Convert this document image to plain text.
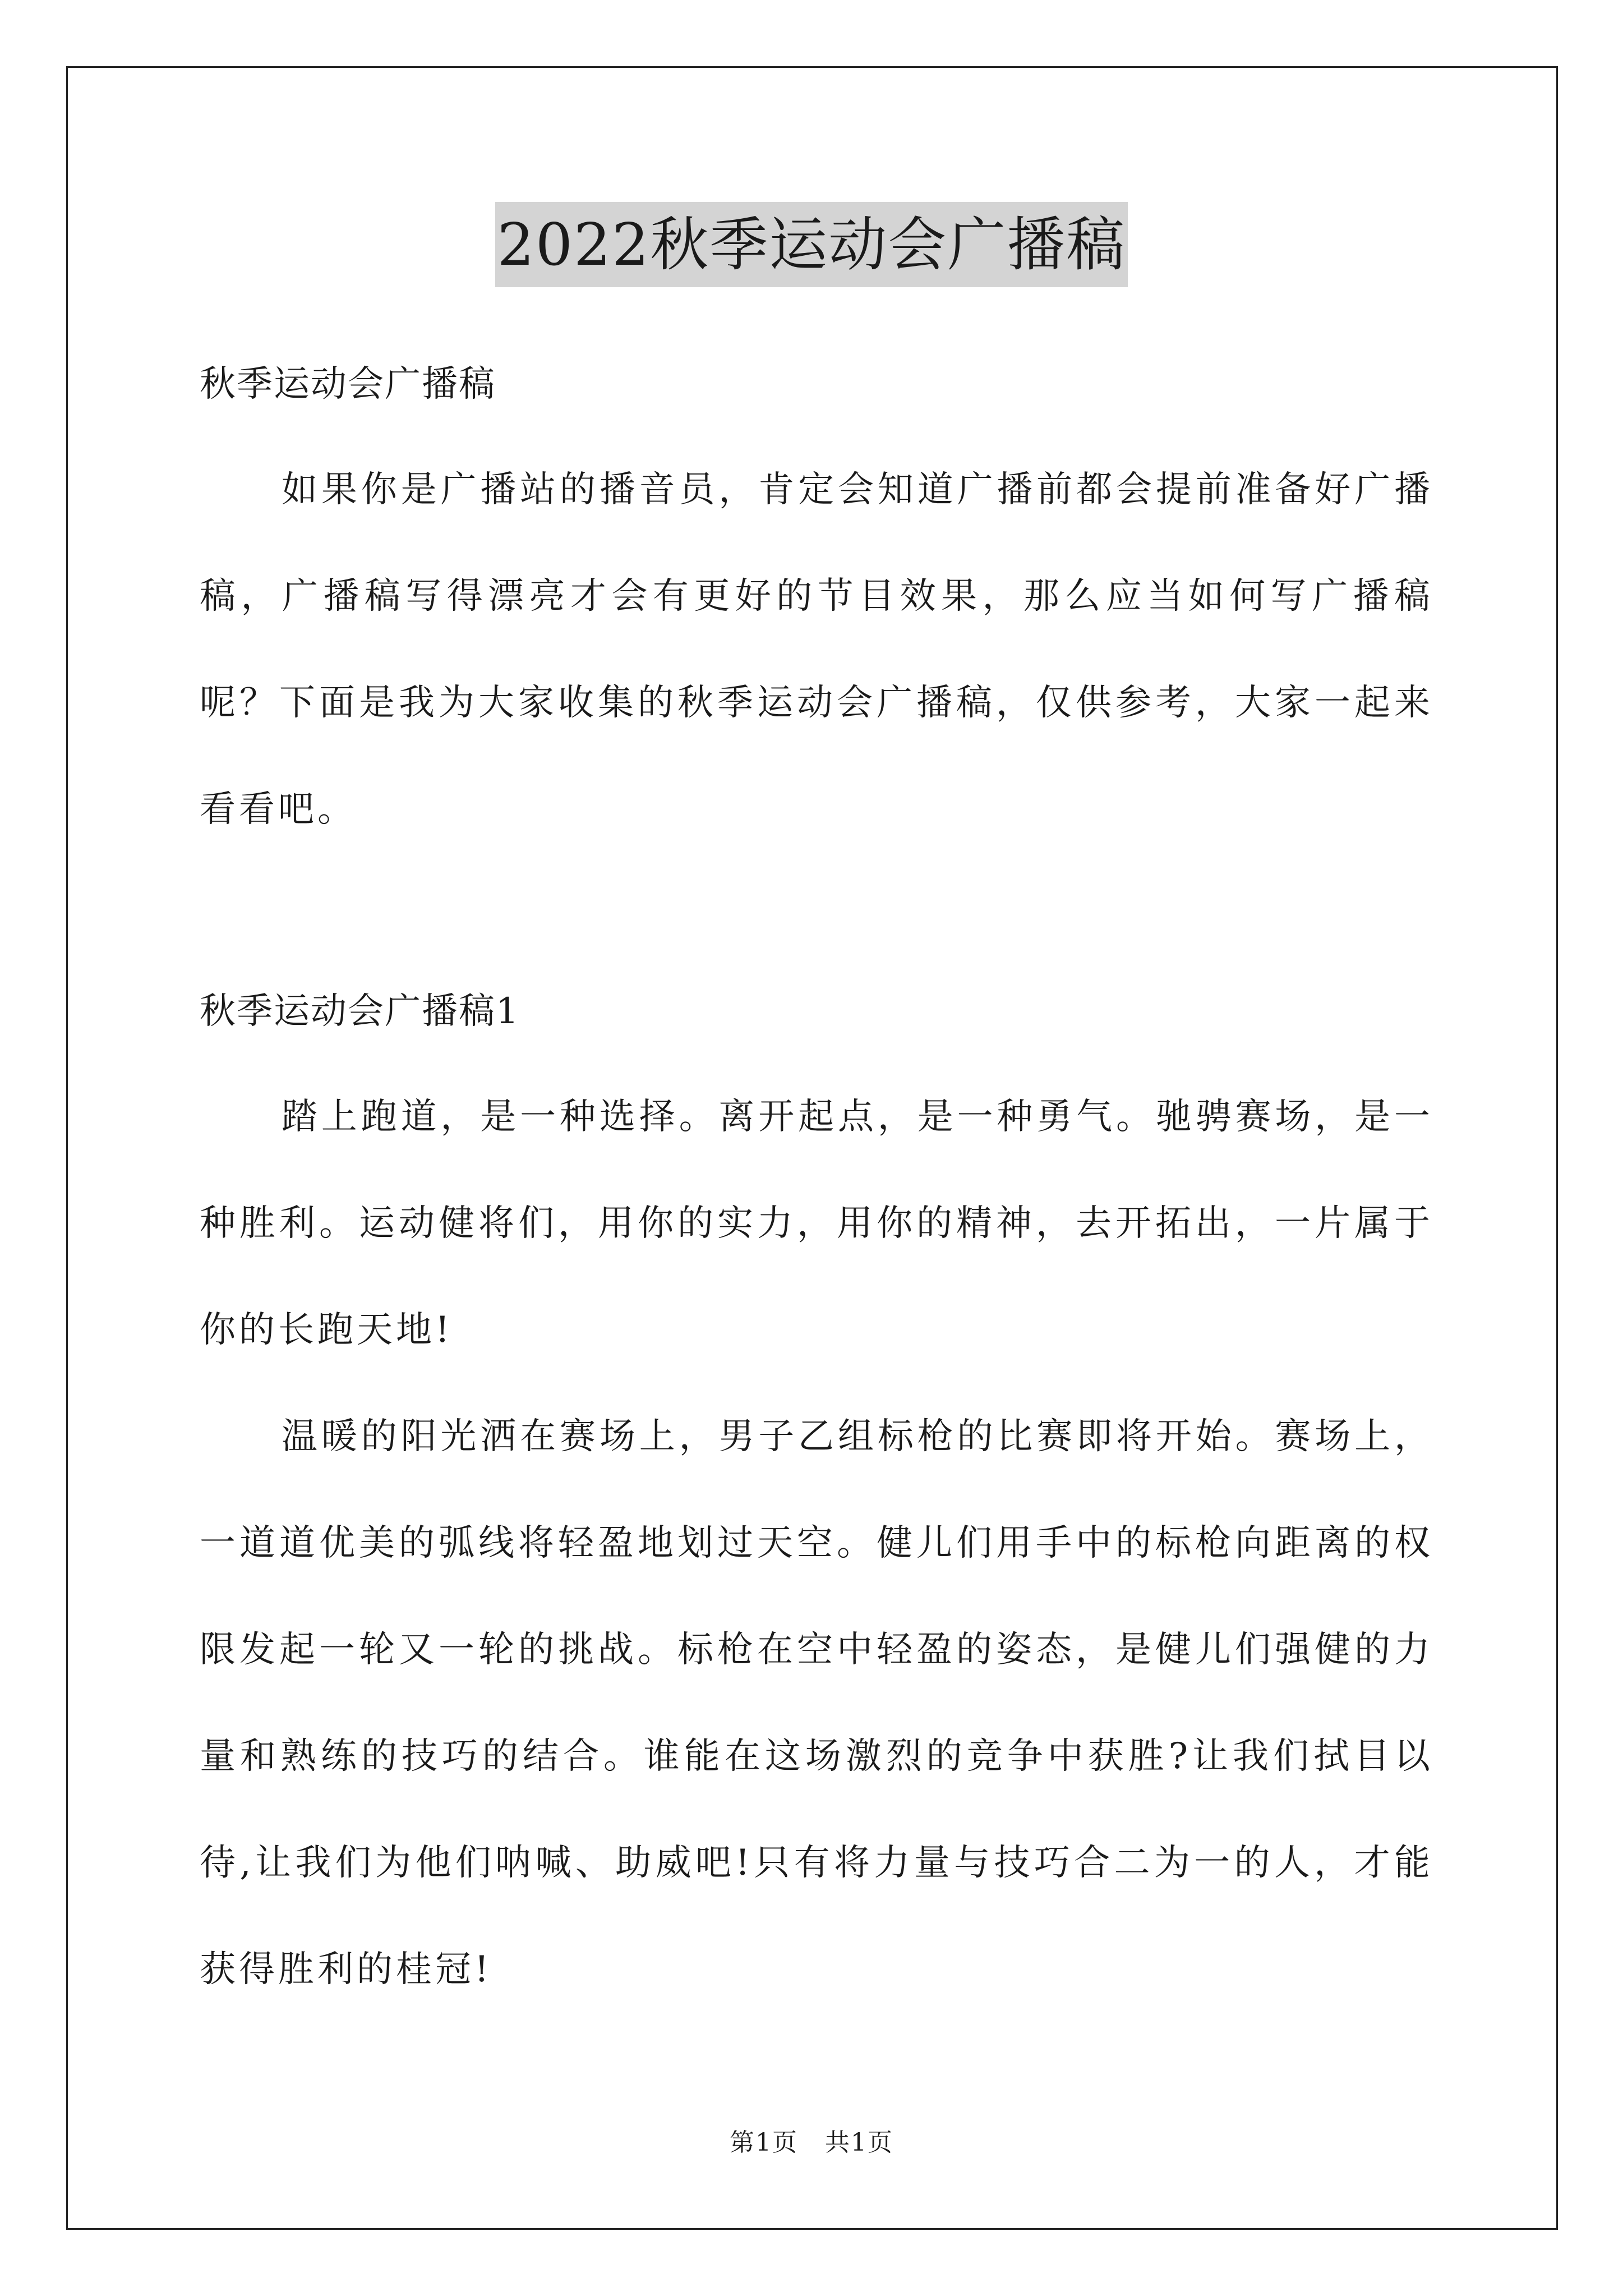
2022秋季运动会广播稿

秋季运动会广播稿

如果你是广播站的播音员，肯定会知道广播前都会提前准备好广播稿，广播稿写得漂亮才会有更好的节目效果，那么应当如何写广播稿呢？下面是我为大家收集的秋季运动会广播稿，仅供参考，大家一起来看看吧。

秋季运动会广播稿1

踏上跑道，是一种选择。离开起点，是一种勇气。驰骋赛场，是一种胜利。运动健将们，用你的实力，用你的精神，去开拓出，一片属于你的长跑天地!

温暖的阳光洒在赛场上，男子乙组标枪的比赛即将开始。赛场上，一道道优美的弧线将轻盈地划过天空。健儿们用手中的标枪向距离的权限发起一轮又一轮的挑战。标枪在空中轻盈的姿态，是健儿们强健的力量和熟练的技巧的结合。谁能在这场激烈的竞争中获胜?让我们拭目以待,让我们为他们呐喊、助威吧!只有将力量与技巧合二为一的人，才能获得胜利的桂冠!

第1页 共1页
